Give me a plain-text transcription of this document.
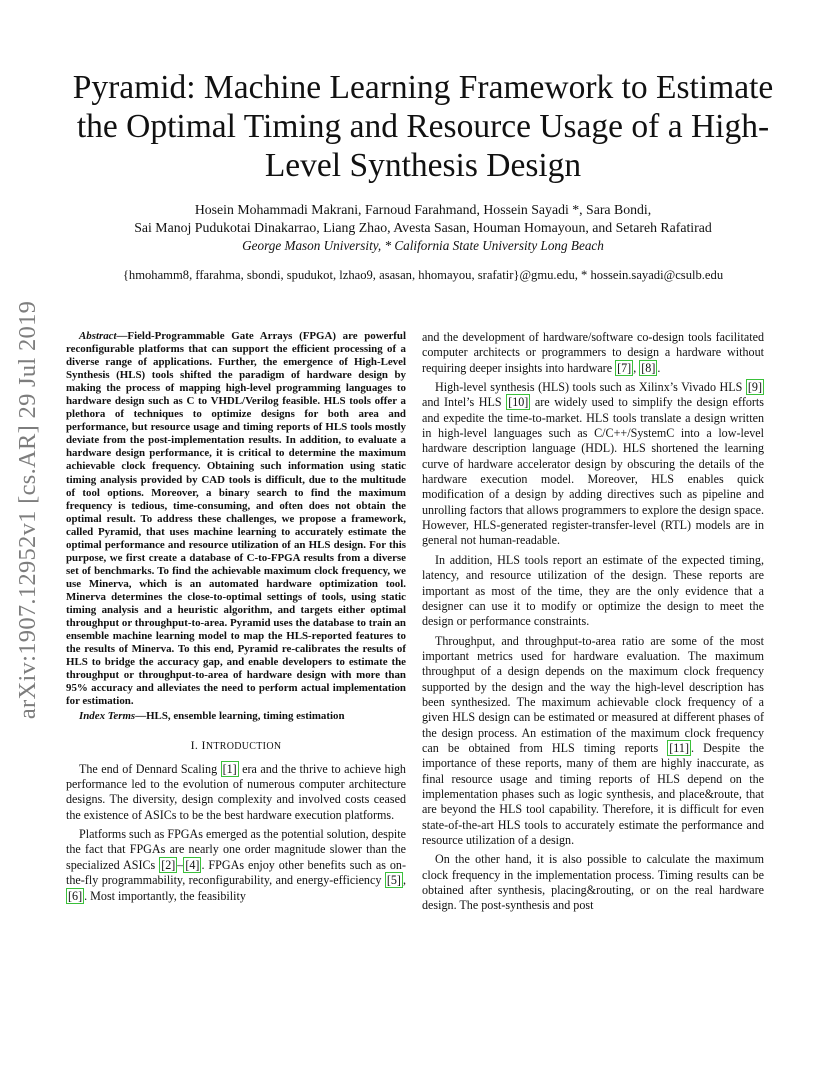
arXiv:1907.12952v1 [cs.AR] 29 Jul 2019
Pyramid: Machine Learning Framework to Estimate the Optimal Timing and Resource Usage of a High-Level Synthesis Design
Hosein Mohammadi Makrani, Farnoud Farahmand, Hossein Sayadi *, Sara Bondi,
Sai Manoj Pudukotai Dinakarrao, Liang Zhao, Avesta Sasan, Houman Homayoun, and Setareh Rafatirad
George Mason University, * California State University Long Beach
{hmohamm8, ffarahma, sbondi, spudukot, lzhao9, asasan, hhomayou, srafatir}@gmu.edu, * hossein.sayadi@csulb.edu

Abstract—Field-Programmable Gate Arrays (FPGA) are powerful reconfigurable platforms that can support the efficient processing of a diverse range of applications. Further, the emergence of High-Level Synthesis (HLS) tools shifted the paradigm of hardware design by making the process of mapping high-level programming languages to hardware design such as C to VHDL/Verilog feasible. HLS tools offer a plethora of techniques to optimize designs for both area and performance, but resource usage and timing reports of HLS tools mostly deviate from the post-implementation results. In addition, to evaluate a hardware design performance, it is critical to determine the maximum achievable clock frequency. Obtaining such information using static timing analysis provided by CAD tools is difficult, due to the multitude of tool options. Moreover, a binary search to find the maximum frequency is tedious, time-consuming, and often does not obtain the optimal result. To address these challenges, we propose a framework, called Pyramid, that uses machine learning to accurately estimate the optimal performance and resource utilization of an HLS design. For this purpose, we first create a database of C-to-FPGA results from a diverse set of benchmarks. To find the achievable maximum clock frequency, we use Minerva, which is an automated hardware optimization tool. Minerva determines the close-to-optimal settings of tools, using static timing analysis and a heuristic algorithm, and targets either optimal throughput or throughput-to-area. Pyramid uses the database to train an ensemble machine learning model to map the HLS-reported features to the results of Minerva. To this end, Pyramid re-calibrates the results of HLS to bridge the accuracy gap, and enable developers to estimate the throughput or throughput-to-area of hardware design with more than 95% accuracy and alleviates the need to perform actual implementation for estimation.

Index Terms—HLS, ensemble learning, timing estimation

I. INTRODUCTION

The end of Dennard Scaling [1] era and the thrive to achieve high performance led to the evolution of numerous computer architecture designs. The diversity, design complexity and involved costs ceased the existence of ASICs to be the best hardware execution platforms.

Platforms such as FPGAs emerged as the potential solution, despite the fact that FPGAs are nearly one order magnitude slower than the specialized ASICs [2] – [4] . FPGAs enjoy other benefits such as on-the-fly programmability, reconfigurability, and energy-efficiency [5] , [6] . Most importantly, the feasibility

and the development of hardware/software co-design tools facilitated computer architects or programmers to design a hardware without requiring deeper insights into hardware [7] , [8] .

High-level synthesis (HLS) tools such as Xilinx’s Vivado HLS [9] and Intel’s HLS [10] are widely used to simplify the design efforts and expedite the time-to-market. HLS tools translate a design written in high-level languages such as C/C++/SystemC into a low-level hardware description language (HDL). HLS shortened the learning curve of hardware accelerator design by obscuring the details of the hardware execution model. Moreover, HLS enables quick modification of a design by adding directives such as pipeline and unrolling factors that allows programmers to explore the design space. However, HLS-generated register-transfer-level (RTL) models are in general not human-readable.

In addition, HLS tools report an estimate of the expected timing, latency, and resource utilization of the design. These reports are important as most of the time, they are the only evidence that a designer can use it to modify or optimize the design to meet the design or performance constraints.

Throughput, and throughput-to-area ratio are some of the most important metrics used for hardware evaluation. The maximum throughput of a design depends on the maximum clock frequency supported by the design and the way the high-level description has been synthesized. The maximum achievable clock frequency of a given HLS design can be estimated or measured at different phases of the design process. An estimation of the maximum clock frequency can be obtained from HLS timing reports [11] . Despite the importance of these reports, many of them are highly inaccurate, as final resource usage and timing reports of HLS depend on the implementation phases such as logic synthesis, and place&route, that are beyond the HLS tool capability. Therefore, it is difficult for even state-of-the-art HLS tools to accurately estimate the performance and resource utilization of a design.

On the other hand, it is also possible to calculate the maximum clock frequency in the implementation process. Timing results can be obtained after synthesis, placing&routing, or on the real hardware design. The post-synthesis and post
